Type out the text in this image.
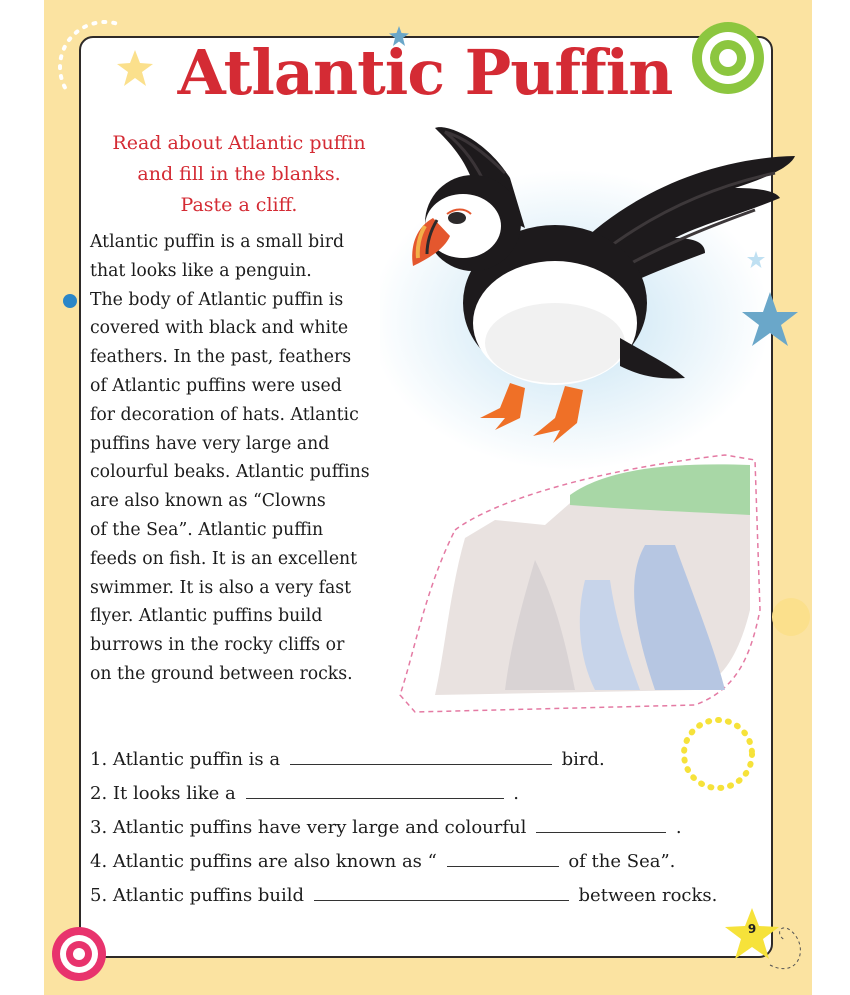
Atlantic Puffin
Read about Atlantic puffin
and fill in the blanks.
Paste a cliff.
Atlantic puffin is a small bird
that looks like a penguin.
The body of Atlantic puffin is
covered with black and white
feathers. In the past, feathers
of Atlantic puffins were used
for decoration of hats. Atlantic
puffins have very large and
colourful beaks. Atlantic puffins
are also known as “Clowns
of the Sea”. Atlantic puffin
feeds on fish. It is an excellent
swimmer. It is also a very fast
flyer. Atlantic puffins build
burrows in the rocky cliffs or
on the ground between rocks.
1. Atlantic puffin is a	bird.
2. It looks like a	.
3. Atlantic puffins have very large and colourful	.
4. Atlantic puffins are also known as “	of the Sea”.
5. Atlantic puffins build	between rocks.
9
